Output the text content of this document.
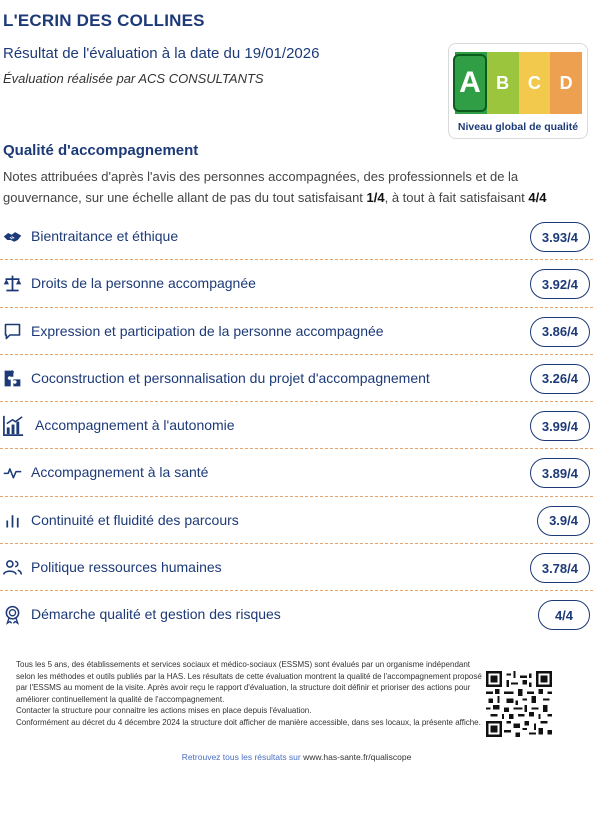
L'ECRIN DES COLLINES
Résultat de l'évaluation à la date du 19/01/2026
Évaluation réalisée par ACS CONSULTANTS	A B	C	D
Niveau global de qualité
Qualité d'accompagnement
Notes attribuées d'après l'avis des personnes accompagnées, des professionnels et de la gouvernance, sur une échelle allant de pas du tout satisfaisant 1/4, à tout à fait satisfaisant 4/4
Bientraitance et éthique	3.93/4
Droits de la personne accompagnée	3.92/4
Expression et participation de la personne accompagnée	3.86/4
Coconstruction et personnalisation du projet d'accompagnement	3.26/4
Accompagnement à l'autonomie	3.99/4
Accompagnement à la santé	3.89/4
Continuité et fluidité des parcours	3.9/4
Politique ressources humaines	3.78/4
Démarche qualité et gestion des risques	4/4
Tous les 5 ans, des établissements et services sociaux et médico-sociaux (ESSMS) sont évalués par un organisme indépendant selon les méthodes et outils publiés par la HAS. Les résultats de cette évaluation montrent la qualité de l'accompagnement proposé par l'ESSMS au moment de la visite. Après avoir reçu le rapport d'évaluation, la structure doit définir et prioriser des actions pour améliorer continuellement la qualité de l'accompagnement.
Contacter la structure pour connaitre les actions mises en place depuis l'évaluation.
Conformément au décret du 4 décembre 2024 la structure doit afficher de manière accessible, dans ses locaux, la présente affiche.
Retrouvez tous les résultats sur www.has-sante.fr/qualiscope
